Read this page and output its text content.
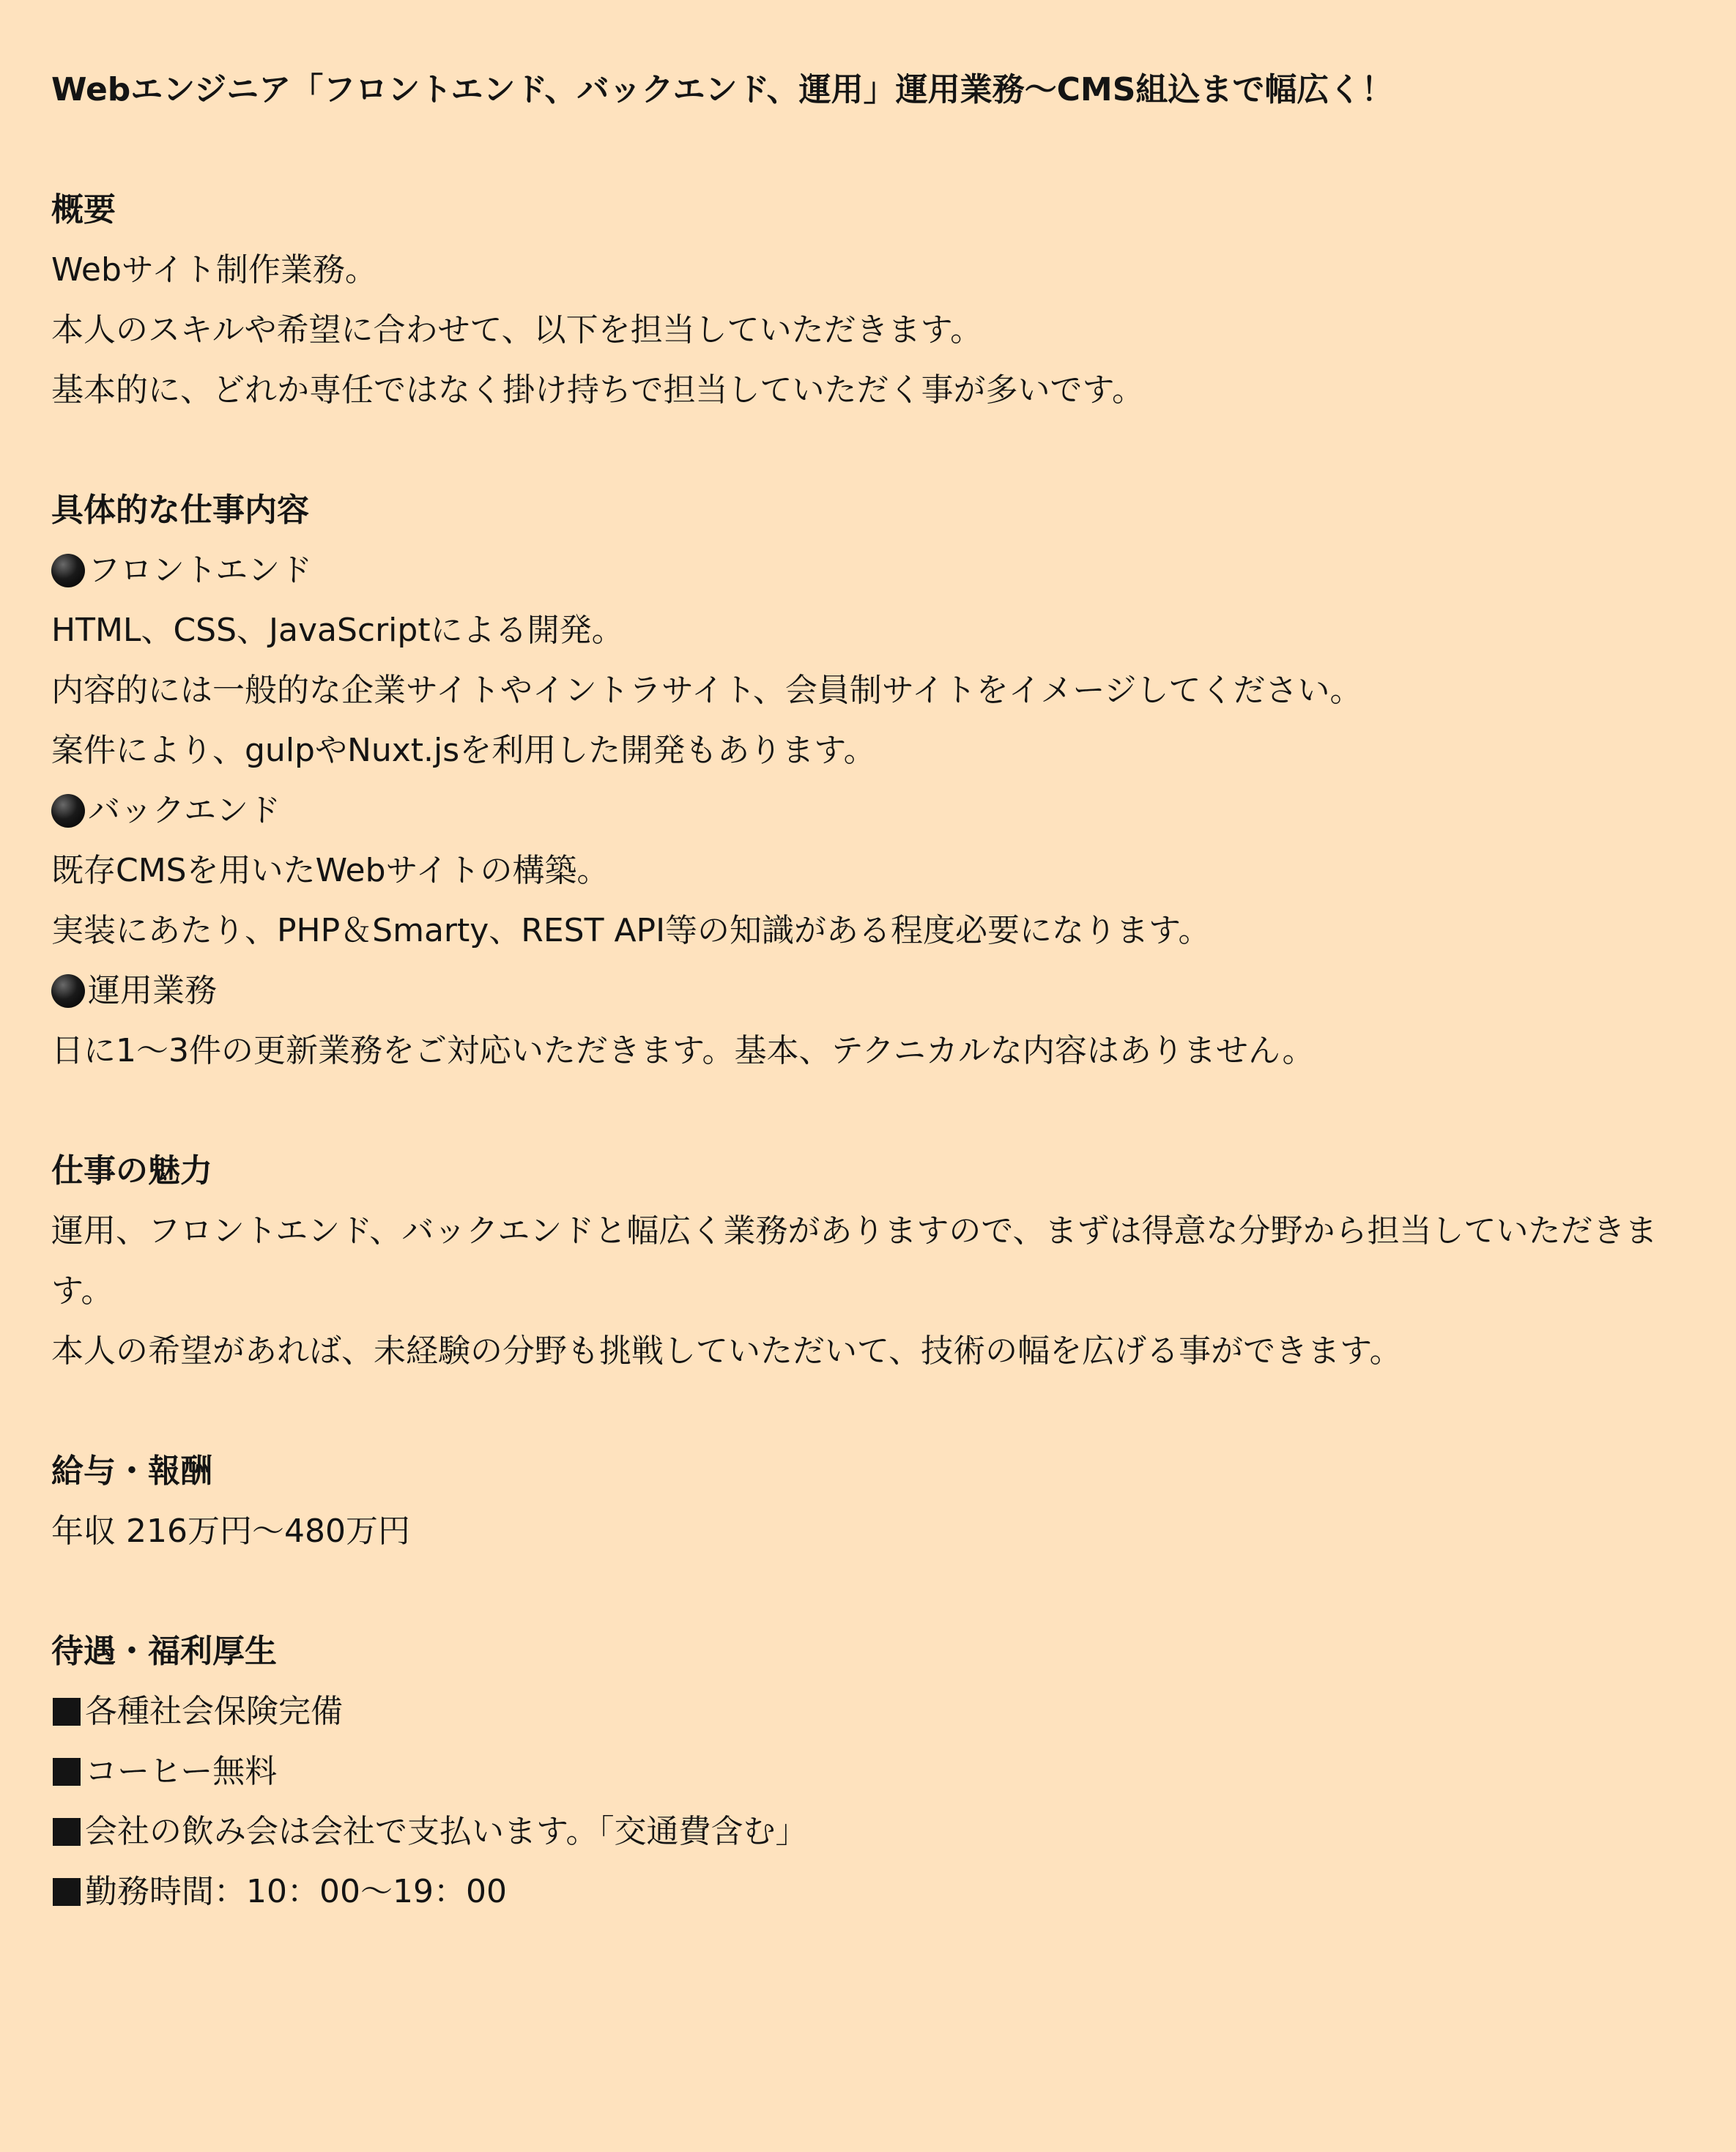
Webエンジニア「フロントエンド、バックエンド、運用」運用業務〜CMS組込まで幅広く！
概要
Webサイト制作業務。
本人のスキルや希望に合わせて、以下を担当していただきます。
基本的に、どれか専任ではなく掛け持ちで担当していただく事が多いです。
具体的な仕事内容
フロントエンド
HTML、CSS、JavaScriptによる開発。
内容的には一般的な企業サイトやイントラサイト、会員制サイトをイメージしてください。
案件により、gulpやNuxt.jsを利用した開発もあります。
バックエンド
既存CMSを用いたWebサイトの構築。
実装にあたり、PHP＆Smarty、REST API等の知識がある程度必要になります。
運用業務
日に1〜3件の更新業務をご対応いただきます。基本、テクニカルな内容はありません。
仕事の魅力
運用、フロントエンド、バックエンドと幅広く業務がありますので、まずは得意な分野から担当していただきます。
本人の希望があれば、未経験の分野も挑戦していただいて、技術の幅を広げる事ができます。
給与・報酬
年収 216万円〜480万円
待遇・福利厚生
各種社会保険完備
コーヒー無料
会社の飲み会は会社で支払います。「交通費含む」
勤務時間：10：00〜19：00
